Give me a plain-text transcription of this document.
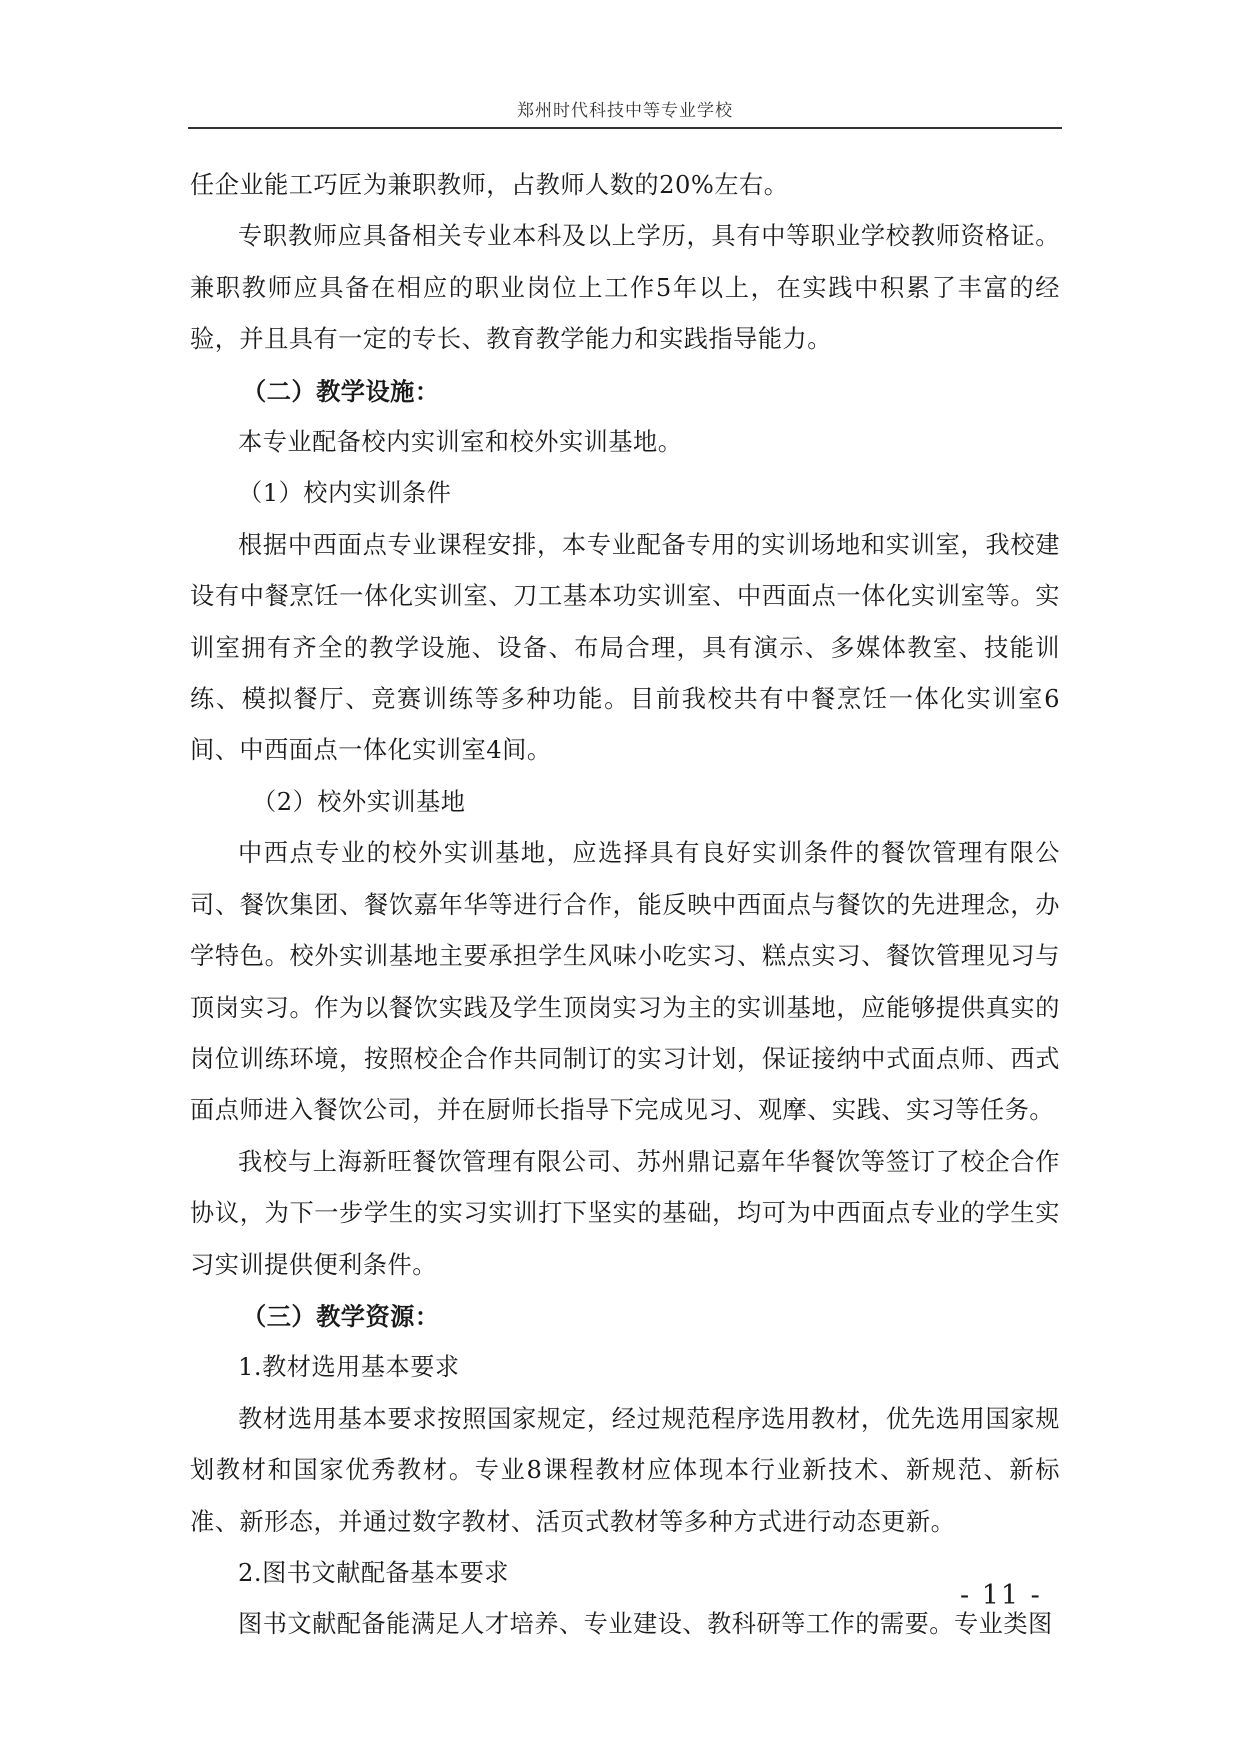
郑州时代科技中等专业学校

任企业能工巧匠为兼职教师，占教师人数的20%左右。

专职教师应具备相关专业本科及以上学历，具有中等职业学校教师资格证。兼职教师应具备在相应的职业岗位上工作5年以上，在实践中积累了丰富的经验，并且具有一定的专长、教育教学能力和实践指导能力。

（二）教学设施：

本专业配备校内实训室和校外实训基地。

（1）校内实训条件

根据中西面点专业课程安排，本专业配备专用的实训场地和实训室，我校建设有中餐烹饪一体化实训室、刀工基本功实训室、中西面点一体化实训室等。实训室拥有齐全的教学设施、设备、布局合理，具有演示、多媒体教室、技能训练、模拟餐厅、竞赛训练等多种功能。目前我校共有中餐烹饪一体化实训室6间、中西面点一体化实训室4间。

（2）校外实训基地

中西点专业的校外实训基地，应选择具有良好实训条件的餐饮管理有限公司、餐饮集团、餐饮嘉年华等进行合作，能反映中西面点与餐饮的先进理念，办学特色。校外实训基地主要承担学生风味小吃实习、糕点实习、餐饮管理见习与顶岗实习。作为以餐饮实践及学生顶岗实习为主的实训基地，应能够提供真实的岗位训练环境，按照校企合作共同制订的实习计划，保证接纳中式面点师、西式面点师进入餐饮公司，并在厨师长指导下完成见习、观摩、实践、实习等任务。

我校与上海新旺餐饮管理有限公司、苏州鼎记嘉年华餐饮等签订了校企合作协议，为下一步学生的实习实训打下坚实的基础，均可为中西面点专业的学生实习实训提供便利条件。

（三）教学资源：

1.教材选用基本要求

教材选用基本要求按照国家规定，经过规范程序选用教材，优先选用国家规划教材和国家优秀教材。专业8课程教材应体现本行业新技术、新规范、新标准、新形态，并通过数字教材、活页式教材等多种方式进行动态更新。

2.图书文献配备基本要求

图书文献配备能满足人才培养、专业建设、教科研等工作的需要。专业类图

- 11 -
